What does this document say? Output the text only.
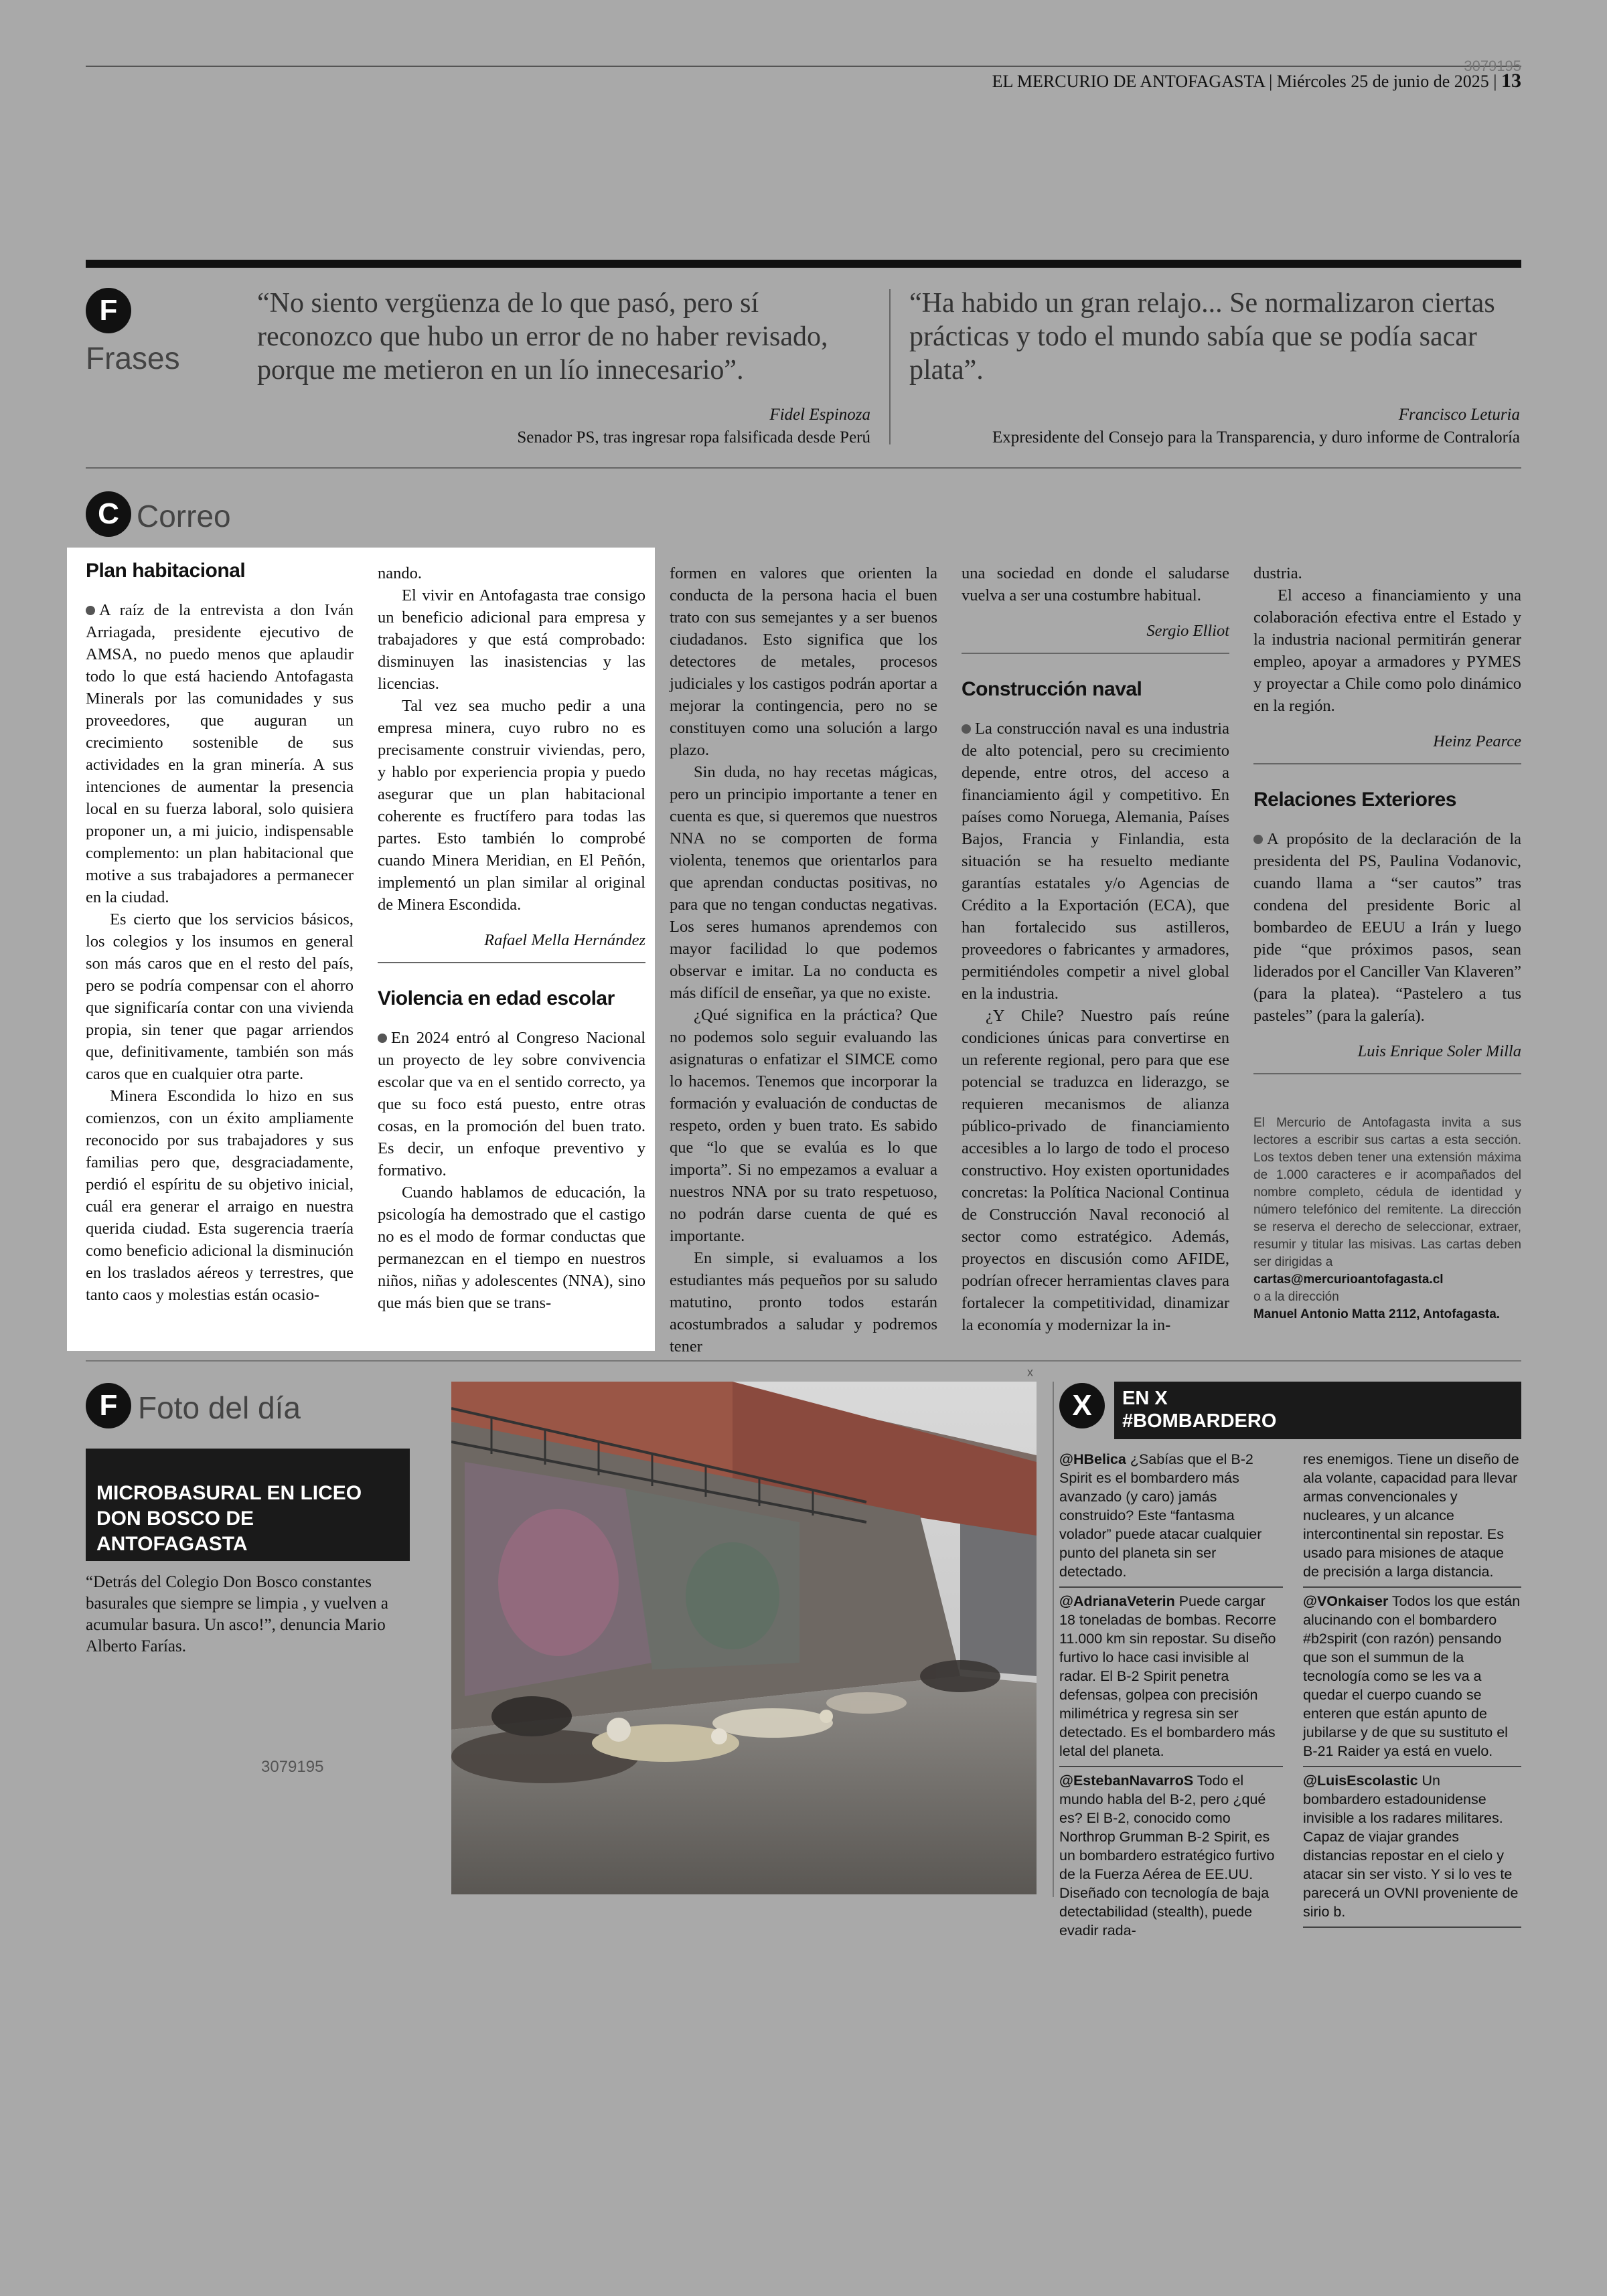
3079195
EL MERCURIO DE ANTOFAGASTA | Miércoles 25 de junio de 2025 | 13
F
Frases
“No siento vergüenza de lo que pasó, pero sí reconozco que hubo un error de no haber revisado, porque me metieron en un lío innecesario”.
Fidel Espinoza
Senador PS, tras ingresar ropa falsificada desde Perú
“Ha habido un gran relajo... Se normalizaron ciertas prácticas y todo el mundo sabía que se podía sacar plata”.
Francisco Leturia
Expresidente del Consejo para la Transparencia, y duro informe de Contraloría
C Correo
Plan habitacional

A raíz de la entrevista a don Iván Arriagada, presidente ejecutivo de AMSA, no puedo menos que aplaudir todo lo que está haciendo Antofagasta Minerals por las comunidades y sus proveedores, que auguran un crecimiento sostenible de sus actividades en la gran minería. A sus intenciones de aumentar la presencia local en su fuerza laboral, solo quisiera proponer un, a mi juicio, indispensable complemento: un plan habitacional que motive a sus trabajadores a permanecer en la ciudad.

Es cierto que los servicios básicos, los colegios y los insumos en general son más caros que en el resto del país, pero se podría compensar con el ahorro que significaría contar con una vivienda propia, sin tener que pagar arriendos que, definitivamente, también son más caros que en cualquier otra parte.

Minera Escondida lo hizo en sus comienzos, con un éxito ampliamente reconocido por sus trabajadores y sus familias pero que, desgraciadamente, perdió el espíritu de su objetivo inicial, cuál era generar el arraigo en nuestra querida ciudad. Esta sugerencia traería como beneficio adicional la disminución en los traslados aéreos y terrestres, que tanto caos y molestias están ocasio-

nando.

El vivir en Antofagasta trae consigo un beneficio adicional para empresa y trabajadores y que está comprobado: disminuyen las inasistencias y las licencias.

Tal vez sea mucho pedir a una empresa minera, cuyo rubro no es precisamente construir viviendas, pero, y hablo por experiencia propia y puedo asegurar que un plan habitacional coherente es fructífero para todas las partes. Esto también lo comprobé cuando Minera Meridian, en El Peñón, implementó un plan similar al original de Minera Escondida.

Rafael Mella Hernández

Violencia en edad escolar

En 2024 entró al Congreso Nacional un proyecto de ley sobre convivencia escolar que va en el sentido correcto, ya que su foco está puesto, entre otras cosas, en la promoción del buen trato. Es decir, un enfoque preventivo y formativo.

Cuando hablamos de educación, la psicología ha demostrado que el castigo no es el modo de formar conductas que permanezcan en el tiempo en nuestros niños, niñas y adolescentes (NNA), sino que más bien que se trans-

formen en valores que orienten la conducta de la persona hacia el buen trato con sus semejantes y a ser buenos ciudadanos. Esto significa que los detectores de metales, procesos judiciales y los castigos podrán aportar a mejorar la contingencia, pero no se constituyen como una solución a largo plazo.

Sin duda, no hay recetas mágicas, pero un principio importante a tener en cuenta es que, si queremos que nuestros NNA no se comporten de forma violenta, tenemos que orientarlos para que aprendan conductas positivas, no para que no tengan conductas negativas. Los seres humanos aprendemos con mayor facilidad lo que podemos observar e imitar. La no conducta es más difícil de enseñar, ya que no existe.

¿Qué significa en la práctica? Que no podemos solo seguir evaluando las asignaturas o enfatizar el SIMCE como lo hacemos. Tenemos que incorporar la formación y evaluación de conductas de respeto, orden y buen trato. Es sabido que “lo que se evalúa es lo que importa”. Si no empezamos a evaluar a nuestros NNA por su trato respetuoso, no podrán darse cuenta de qué es importante.

En simple, si evaluamos a los estudiantes más pequeños por su saludo matutino, pronto todos estarán acostumbrados a saludar y podremos tener

una sociedad en donde el saludarse vuelva a ser una costumbre habitual.

Sergio Elliot

Construcción naval

La construcción naval es una industria de alto potencial, pero su crecimiento depende, entre otros, del acceso a financiamiento ágil y competitivo. En países como Noruega, Alemania, Países Bajos, Francia y Finlandia, esta situación se ha resuelto mediante garantías estatales y/o Agencias de Crédito a la Exportación (ECA), que han fortalecido sus astilleros, proveedores o fabricantes y armadores, permitiéndoles competir a nivel global en la industria.

¿Y Chile? Nuestro país reúne condiciones únicas para convertirse en un referente regional, pero para que ese potencial se traduzca en liderazgo, se requieren mecanismos de alianza público-privado de financiamiento accesibles a lo largo de todo el proceso constructivo. Hoy existen oportunidades concretas: la Política Nacional Continua de Construcción Naval reconoció al sector como estratégico. Además, proyectos en discusión como AFIDE, podrían ofrecer herramientas claves para fortalecer la competitividad, dinamizar la economía y modernizar la in-

dustria.

El acceso a financiamiento y una colaboración efectiva entre el Estado y la industria nacional permitirán generar empleo, apoyar a armadores y PYMES y proyectar a Chile como polo dinámico en la región.

Heinz Pearce

Relaciones Exteriores

A propósito de la declaración de la presidenta del PS, Paulina Vodanovic, cuando llama a “ser cautos” tras condena del presidente Boric al bombardeo de EEUU a Irán y luego pide “que próximos pasos, sean liderados por el Canciller Van Klaveren” (para la platea). “Pastelero a tus pasteles” (para la galería).

Luis Enrique Soler Milla

El Mercurio de Antofagasta invita a sus lectores a escribir sus cartas a esta sección. Los textos deben tener una extensión máxima de 1.000 caracteres e ir acompañados del nombre completo, cédula de identidad y número telefónico del remitente. La dirección se reserva el derecho de seleccionar, extraer, resumir y titular las misivas. Las cartas deben ser dirigidas a
cartas@mercurioantofagasta.cl
o a la dirección
Manuel Antonio Matta 2112, Antofagasta.
F Foto del día
MICROBASURAL EN LICEO
DON BOSCO DE ANTOFAGASTA
“Detrás del Colegio Don Bosco constantes basurales que siempre se limpia , y vuelven a acumular basura. Un asco!”, denuncia Mario Alberto Farías.
3079195
x
X	EN X
#BOMBARDERO

@HBelica ¿Sabías que el B-2 Spirit es el bombardero más avanzado (y caro) jamás construido? Este “fantasma volador” puede atacar cualquier punto del planeta sin ser detectado.

@AdrianaVeterin Puede cargar 18 toneladas de bombas. Recorre 11.000 km sin repostar. Su diseño furtivo lo hace casi invisible al radar. El B-2 Spirit penetra defensas, golpea con precisión milimétrica y regresa sin ser detectado. Es el bombardero más letal del planeta.

@EstebanNavarroS Todo el mundo habla del B-2, pero ¿qué es? El B-2, conocido como Northrop Grumman B-2 Spirit, es un bombardero estratégico furtivo de la Fuerza Aérea de EE.UU. Diseñado con tecnología de baja detectabilidad (stealth), puede evadir rada-

res enemigos. Tiene un diseño de ala volante, capacidad para llevar armas convencionales y nucleares, y un alcance intercontinental sin repostar. Es usado para misiones de ataque de precisión a larga distancia.

@VOnkaiser Todos los que están alucinando con el bombardero #b2spirit (con razón) pensando que son el summun de la tecnología como se les va a quedar el cuerpo cuando se enteren que están apunto de jubilarse y de que su sustituto el B-21 Raider ya está en vuelo.

@LuisEscolastic Un bombardero estadounidense invisible a los radares militares. Capaz de viajar grandes distancias repostar en el cielo y atacar sin ser visto. Y si lo ves te parecerá un OVNI proveniente de sirio b.
